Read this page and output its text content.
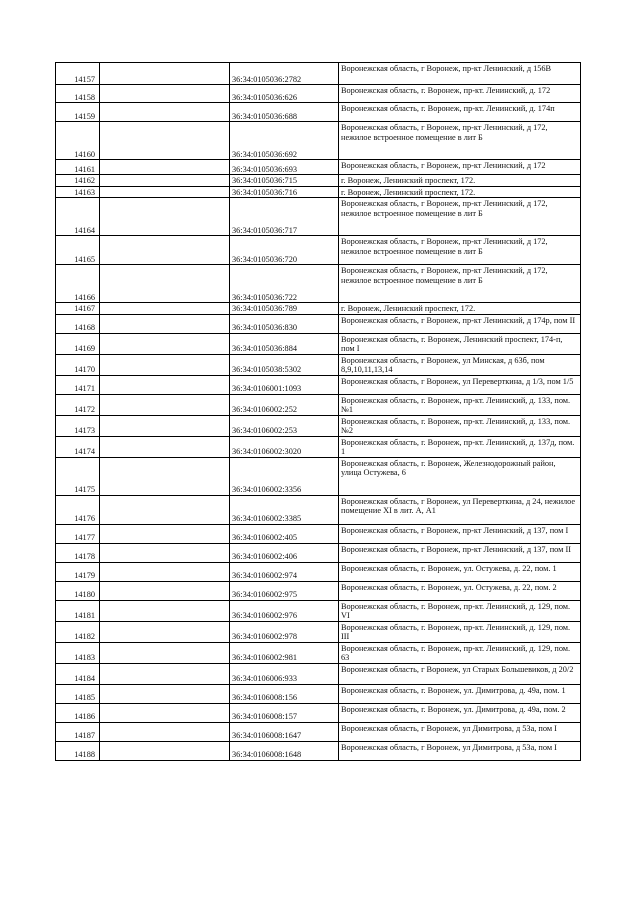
14157		36:34:0105036:2782	Воронежская область, г Воронеж, пр-кт Ленинский, д 156В
14158		36:34:0105036:626	Воронежская область, г. Воронеж, пр-кт. Ленинский, д. 172
14159		36:34:0105036:688	Воронежская область, г. Воронеж, пр-кт. Ленинский, д. 174п
14160		36:34:0105036:692	Воронежская область, г Воронеж, пр-кт Ленинский, д 172, нежилое встроенное помещение в лит Б
14161		36:34:0105036:693	Воронежская область, г Воронеж, пр-кт Ленинский, д 172
14162		36:34:0105036:715	г. Воронеж, Ленинский проспект, 172.
14163		36:34:0105036:716	г. Воронеж, Ленинский проспект, 172.
14164		36:34:0105036:717	Воронежская область, г Воронеж, пр-кт Ленинский, д 172, нежилое встроенное помещение в лит Б
14165		36:34:0105036:720	Воронежская область, г Воронеж, пр-кт Ленинский, д 172, нежилое встроенное помещение в лит Б
14166		36:34:0105036:722	Воронежская область, г Воронеж, пр-кт Ленинский, д 172, нежилое встроенное помещение в лит Б
14167		36:34:0105036:789	г. Воронеж, Ленинский проспект, 172.
14168		36:34:0105036:830	Воронежская область, г Воронеж, пр-кт Ленинский, д 174р, пом II
14169		36:34:0105036:884	Воронежская область, г. Воронеж, Ленинский проспект, 174-п, пом I
14170		36:34:0105038:5302	Воронежская область, г Воронеж, ул Минская, д 63б, пом 8,9,10,11,13,14
14171		36:34:0106001:1093	Воронежская область, г Воронеж, ул Переверткина, д 1/3, пом 1/5
14172		36:34:0106002:252	Воронежская область, г. Воронеж, пр-кт. Ленинский, д. 133, пом. №1
14173		36:34:0106002:253	Воронежская область, г. Воронеж, пр-кт. Ленинский, д. 133, пом. №2
14174		36:34:0106002:3020	Воронежская область, г. Воронеж, пр-кт. Ленинский, д. 137д, пом. 1
14175		36:34:0106002:3356	Воронежская область, г. Воронеж, Железнодорожный район, улица Остужева, 6
14176		36:34:0106002:3385	Воронежская область, г Воронеж, ул Переверткина, д 24, нежилое помещение XI в лит. А, А1
14177		36:34:0106002:405	Воронежская область, г Воронеж, пр-кт Ленинский, д 137, пом I
14178		36:34:0106002:406	Воронежская область, г Воронеж, пр-кт Ленинский, д 137, пом II
14179		36:34:0106002:974	Воронежская область, г. Воронеж, ул. Остужева, д. 22, пом. 1
14180		36:34:0106002:975	Воронежская область, г. Воронеж, ул. Остужева, д. 22, пом. 2
14181		36:34:0106002:976	Воронежская область, г. Воронеж, пр-кт. Ленинский, д. 129, пом. VI
14182		36:34:0106002:978	Воронежская область, г. Воронеж, пр-кт. Ленинский, д. 129, пом. III
14183		36:34:0106002:981	Воронежская область, г. Воронеж, пр-кт. Ленинский, д. 129, пом. 63
14184		36:34:0106006:933	Воронежская область, г Воронеж, ул Старых Большевиков, д 20/2
14185		36:34:0106008:156	Воронежская область, г. Воронеж, ул. Димитрова, д. 49а, пом. 1
14186		36:34:0106008:157	Воронежская область, г. Воронеж, ул. Димитрова, д. 49а, пом. 2
14187		36:34:0106008:1647	Воронежская область, г Воронеж, ул Димитрова, д 53а, пом I
14188		36:34:0106008:1648	Воронежская область, г Воронеж, ул Димитрова, д 53а, пом I
